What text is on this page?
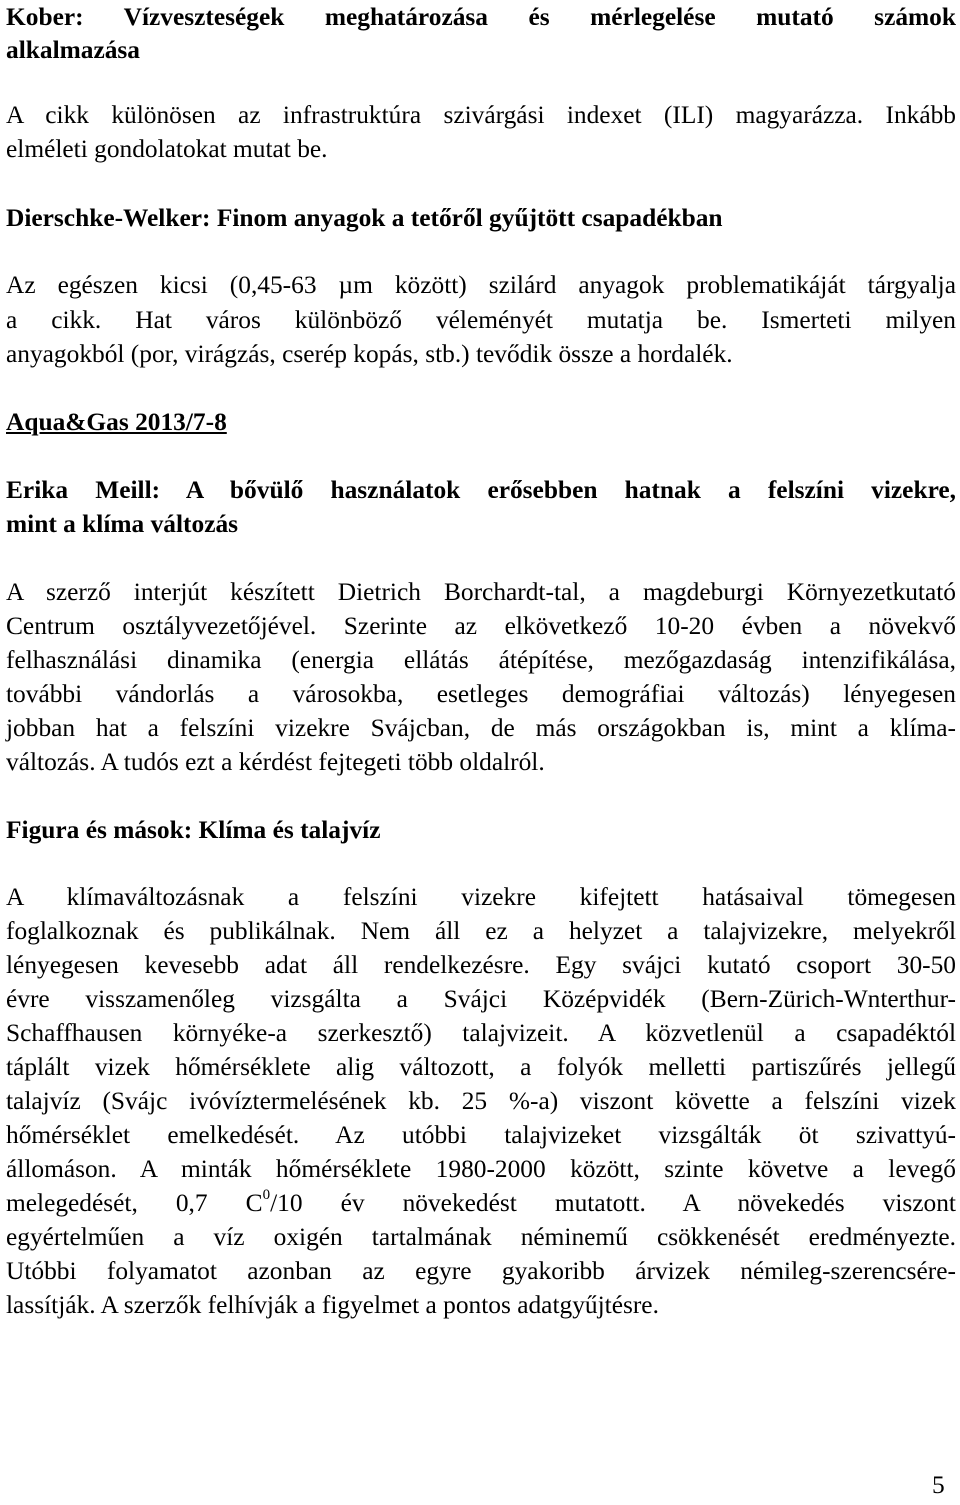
Kober: Vízveszteségek meghatározása és mérlegelése mutató számok
alkalmazása
A cikk különösen az infrastruktúra szivárgási indexet (ILI) magyarázza. Inkább
elméleti gondolatokat mutat be.
Dierschke-Welker: Finom anyagok a tetőről gyűjtött csapadékban
Az egészen kicsi (0,45-63 µm között) szilárd anyagok problematikáját tárgyalja
a cikk. Hat város különböző véleményét mutatja be. Ismerteti milyen
anyagokból (por, virágzás, cserép kopás, stb.) tevődik össze a hordalék.
Aqua&Gas 2013/7-8
Erika Meill: A bővülő használatok erősebben hatnak a felszíni vizekre,
mint a klíma változás
A szerző interjút készített Dietrich Borchardt-tal, a magdeburgi Környezetkutató
Centrum osztályvezetőjével. Szerinte az elkövetkező 10-20 évben a növekvő
felhasználási dinamika (energia ellátás átépítése, mezőgazdaság intenzifikálása,
további vándorlás a városokba, esetleges demográfiai változás) lényegesen
jobban hat a felszíni vizekre Svájcban, de más országokban is, mint a klíma-
változás. A tudós ezt a kérdést fejtegeti több oldalról.
Figura és mások: Klíma és talajvíz
A klímaváltozásnak a felszíni vizekre kifejtett hatásaival tömegesen
foglalkoznak és publikálnak. Nem áll ez a helyzet a talajvizekre, melyekről
lényegesen kevesebb adat áll rendelkezésre. Egy svájci kutató csoport 30-50
évre visszamenőleg vizsgálta a Svájci Középvidék (Bern-Zürich-Wnterthur-
Schaffhausen környéke-a szerkesztő) talajvizeit. A közvetlenül a csapadéktól
táplált vizek hőmérséklete alig változott, a folyók melletti partiszűrés jellegű
talajvíz (Svájc ivóvíztermelésének kb. 25 %-a) viszont követte a felszíni vizek
hőmérséklet emelkedését. Az utóbbi talajvizeket vizsgálták öt szivattyú-
állomáson. A minták hőmérséklete 1980-2000 között, szinte követve a levegő
melegedését, 0,7 $C^0/10$ év növekedést mutatott. A növekedés viszont
egyértelműen a víz oxigén tartalmának néminemű csökkenését eredményezte.
Utóbbi folyamatot azonban az egyre gyakoribb árvizek némileg-szerencsére-
lassítják. A szerzők felhívják a figyelmet a pontos adatgyűjtésre.
5
